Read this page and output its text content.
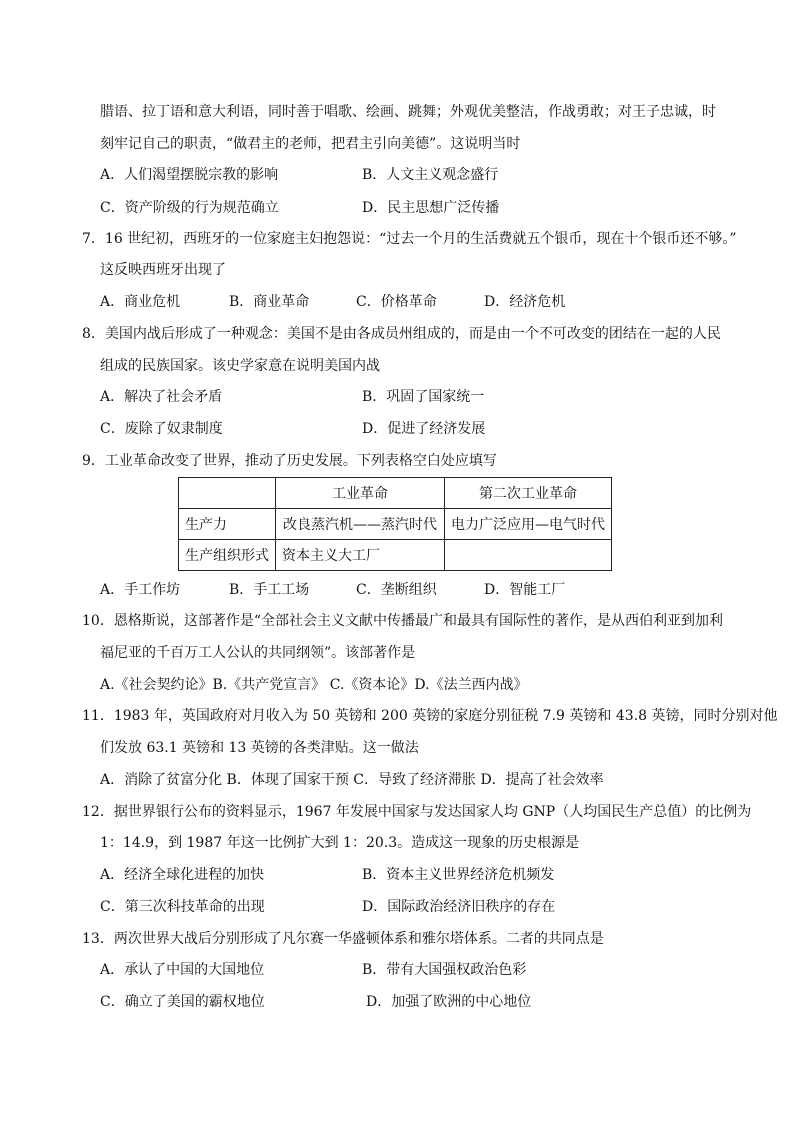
腊语、拉丁语和意大利语，同时善于唱歌、绘画、跳舞；外观优美整洁，作战勇敢；对王子忠诚，时
刻牢记自己的职责，“做君主的老师，把君主引向美德”。这说明当时
A．人们渴望摆脱宗教的影响	B．人文主义观念盛行
C．资产阶级的行为规范确立	D．民主思想广泛传播
7．16 世纪初，西班牙的一位家庭主妇抱怨说：“过去一个月的生活费就五个银币，现在十个银币还不够。”
这反映西班牙出现了
A．商业危机	B．商业革命	C．价格革命	D．经济危机
8．美国内战后形成了一种观念：美国不是由各成员州组成的，而是由一个不可改变的团结在一起的人民
组成的民族国家。该史学家意在说明美国内战
A．解决了社会矛盾	B．巩固了国家统一
C．废除了奴隶制度	D．促进了经济发展
9．工业革命改变了世界，推动了历史发展。下列表格空白处应填写
	工业革命	第二次工业革命
生产力	改良蒸汽机——蒸汽时代	电力广泛应用—电气时代
生产组织形式	资本主义大工厂	
A．手工作坊	B．手工工场	C．垄断组织	D．智能工厂
10．恩格斯说，这部著作是“全部社会主义文献中传播最广和最具有国际性的著作，是从西伯利亚到加利
福尼亚的千百万工人公认的共同纲领”。该部著作是
A.《社会契约论》B.《共产党宣言》 C.《资本论》D.《法兰西内战》
11．1983 年，英国政府对月收入为 50 英镑和 200 英镑的家庭分别征税 7.9 英镑和 43.8 英镑，同时分别对他
们发放 63.1 英镑和 13 英镑的各类津贴。这一做法
A．消除了贫富分化 B．体现了国家干预 C．导致了经济滞胀 D．提高了社会效率
12．据世界银行公布的资料显示，1967 年发展中国家与发达国家人均 GNP（人均国民生产总值）的比例为
1：14.9，到 1987 年这一比例扩大到 1：20.3。造成这一现象的历史根源是
A．经济全球化进程的加快	B．资本主义世界经济危机频发
C．第三次科技革命的出现	D．国际政治经济旧秩序的存在
13．两次世界大战后分别形成了凡尔赛一华盛顿体系和雅尔塔体系。二者的共同点是
A．承认了中国的大国地位	B．带有大国强权政治色彩
C．确立了美国的霸权地位	D．加强了欧洲的中心地位
